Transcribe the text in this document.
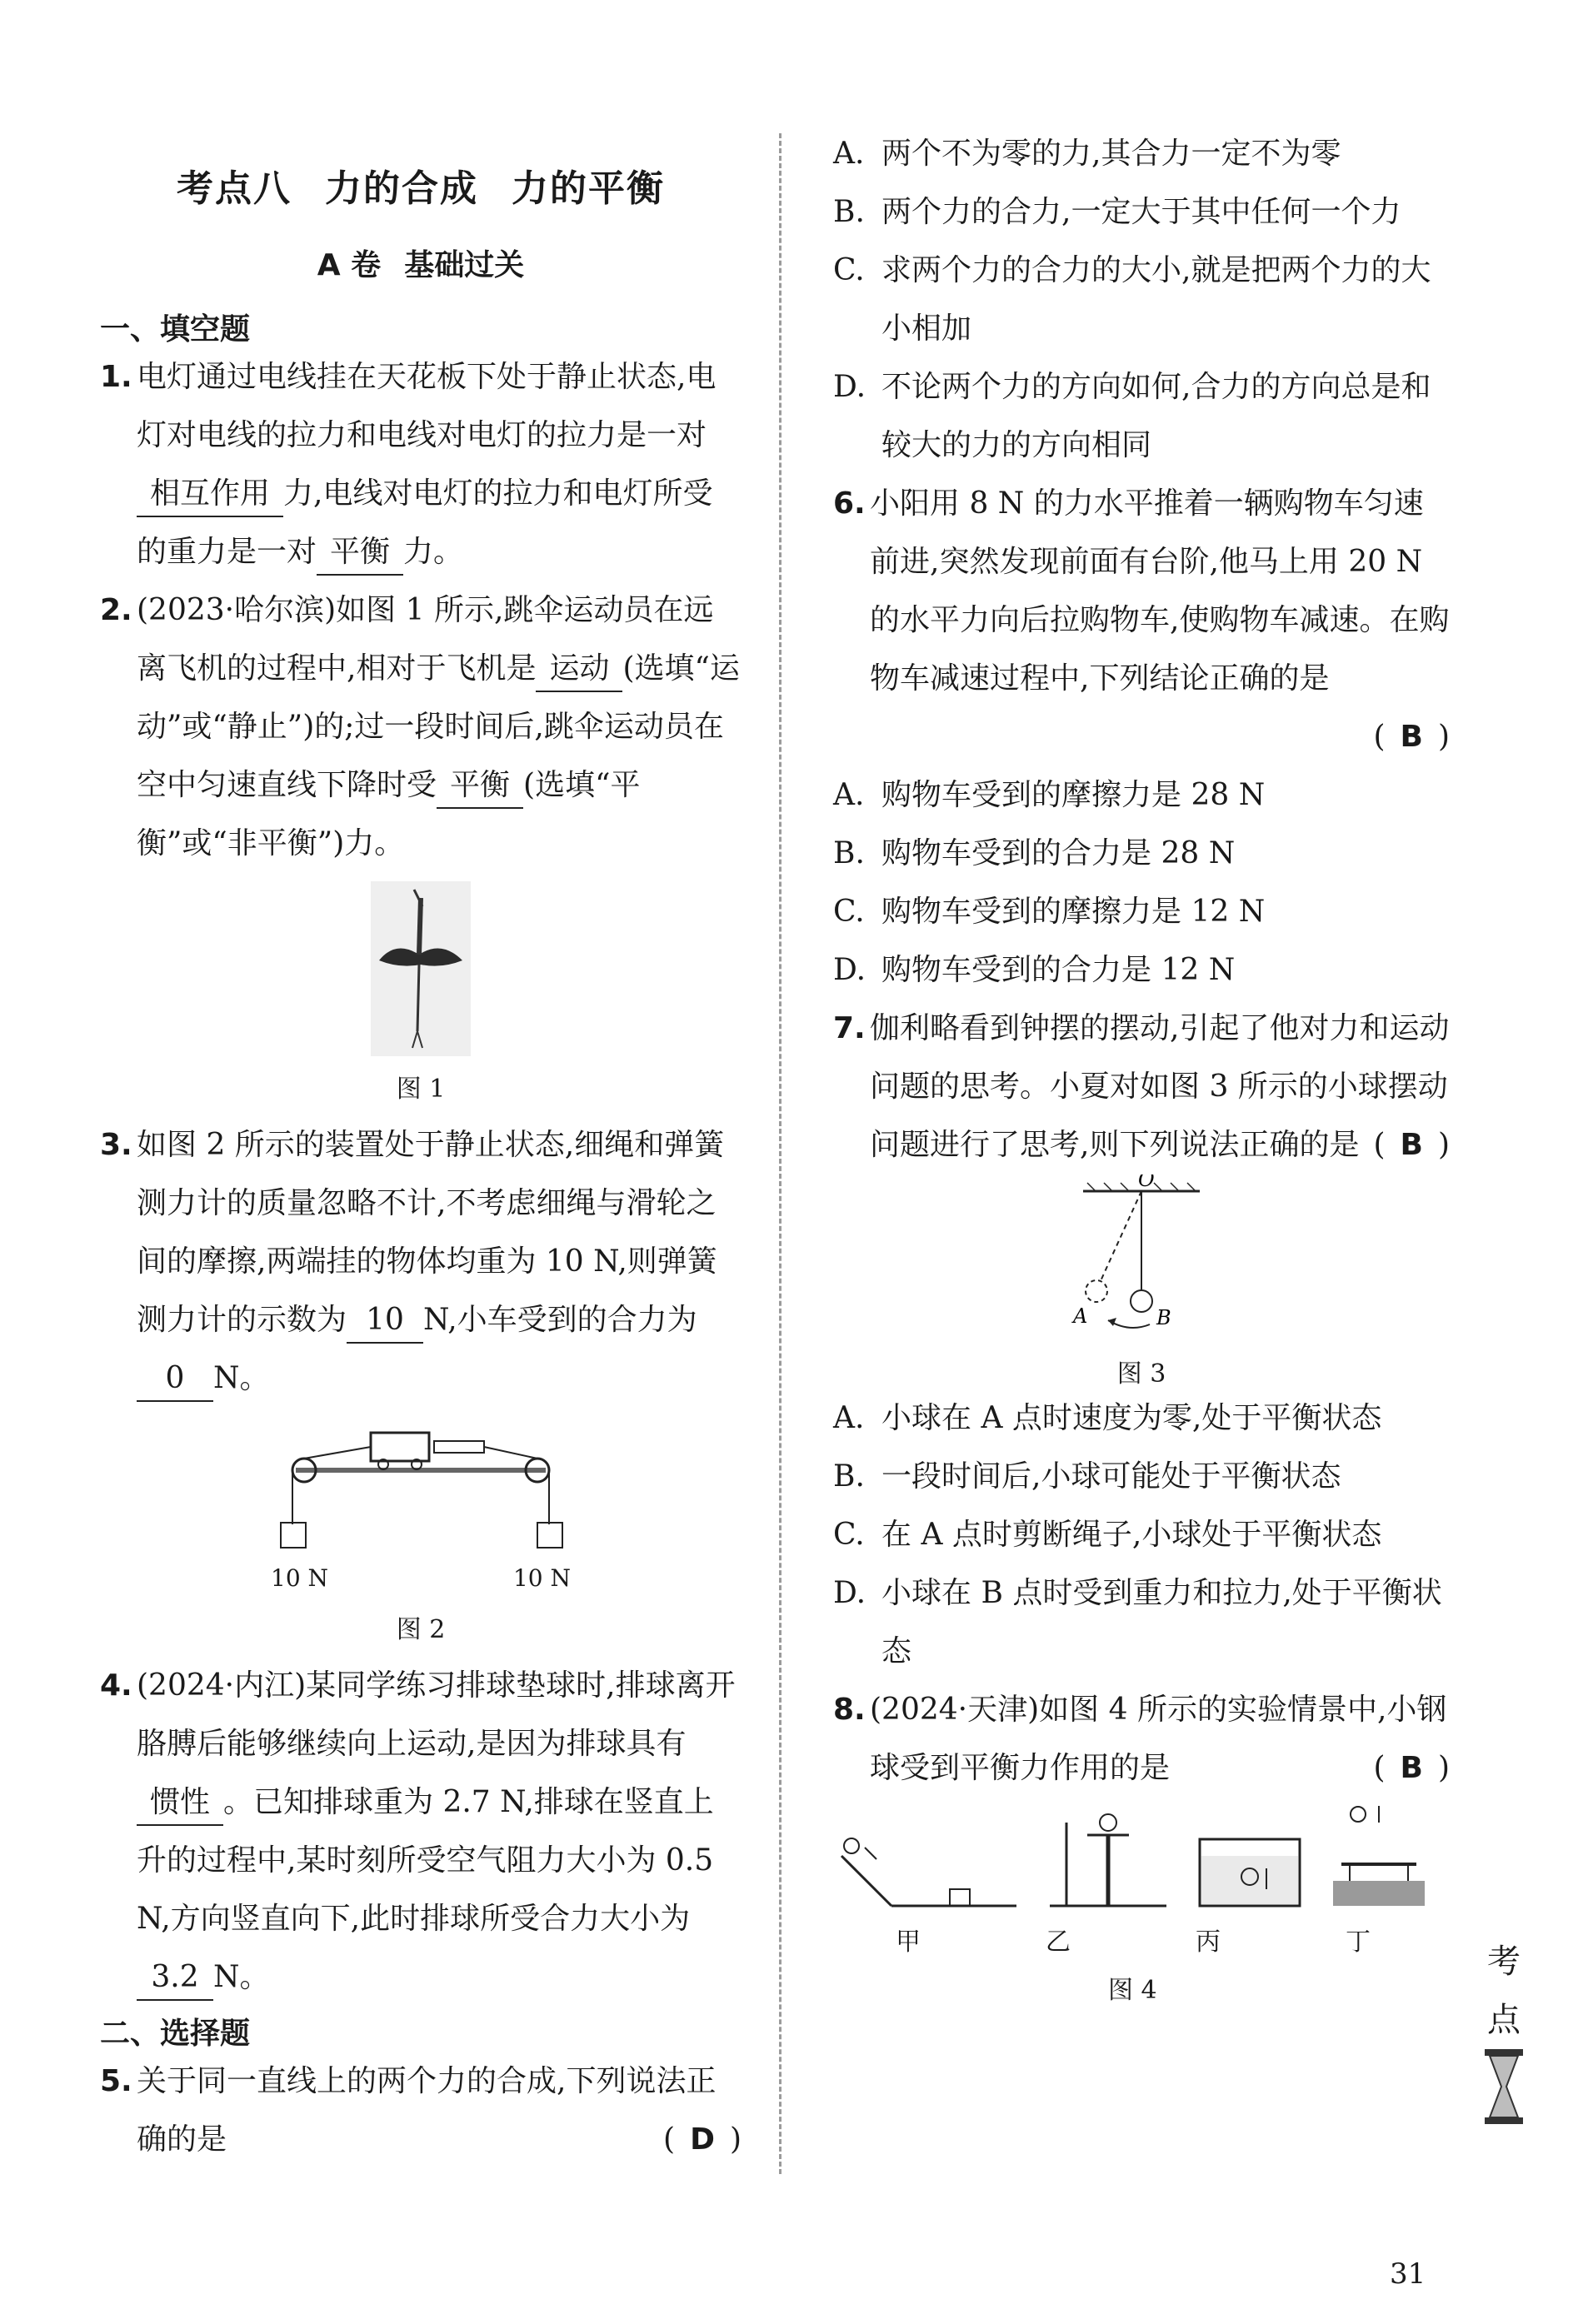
考点八 力的合成 力的平衡
A 卷 基础过关
一、填空题
1. 电灯通过电线挂在天花板下处于静止状态,电灯对电线的拉力和电线对电灯的拉力是一对相互作用 力,电线对电灯的拉力和电灯所受的重力是一对 平衡 力。
2. (2023·哈尔滨)如图 1 所示,跳伞运动员在远离飞机的过程中,相对于飞机是 运动 (选填“运动”或“静止”)的;过一段时间后,跳伞运动员在空中匀速直线下降时受 平衡 (选填“平衡”或“非平衡”)力。
图 1
3. 如图 2 所示的装置处于静止状态,细绳和弹簧测力计的质量忽略不计,不考虑细绳与滑轮之间的摩擦,两端挂的物体均重为 10 N,则弹簧测力计的示数为 10 N,小车受到的合力为0 N。
10 N	10 N
图 2
4. (2024·内江)某同学练习排球垫球时,排球离开胳膊后能够继续向上运动,是因为排球具有惯性 。已知排球重为 2.7 N,排球在竖直上升的过程中,某时刻所受空气阻力大小为 0.5 N,方向竖直向下,此时排球所受合力大小为3.2 N。
二、选择题
5. 关于同一直线上的两个力的合成,下列说法正确的是	( D )
A. 两个不为零的力,其合力一定不为零
B. 两个力的合力,一定大于其中任何一个力
C. 求两个力的合力的大小,就是把两个力的大小相加
D. 不论两个力的方向如何,合力的方向总是和较大的力的方向相同
6. 小阳用 8 N 的力水平推着一辆购物车匀速前进,突然发现前面有台阶,他马上用 20 N 的水平力向后拉购物车,使购物车减速。在购物车减速过程中,下列结论正确的是
( B )
A. 购物车受到的摩擦力是 28 N
B. 购物车受到的合力是 28 N
C. 购物车受到的摩擦力是 12 N
D. 购物车受到的合力是 12 N
7. 伽利略看到钟摆的摆动,引起了他对力和运动问题的思考。小夏对如图 3 所示的小球摆动问题进行了思考,则下列说法正确的是 ( B )
O
A	B
图 3
A. 小球在 A 点时速度为零,处于平衡状态
B. 一段时间后,小球可能处于平衡状态
C. 在 A 点时剪断绳子,小球处于平衡状态
D. 小球在 B 点时受到重力和拉力,处于平衡状态
8. (2024·天津)如图 4 所示的实验情景中,小钢球受到平衡力作用的是	( B )
甲	乙	丙	丁
图 4
考
点
31
